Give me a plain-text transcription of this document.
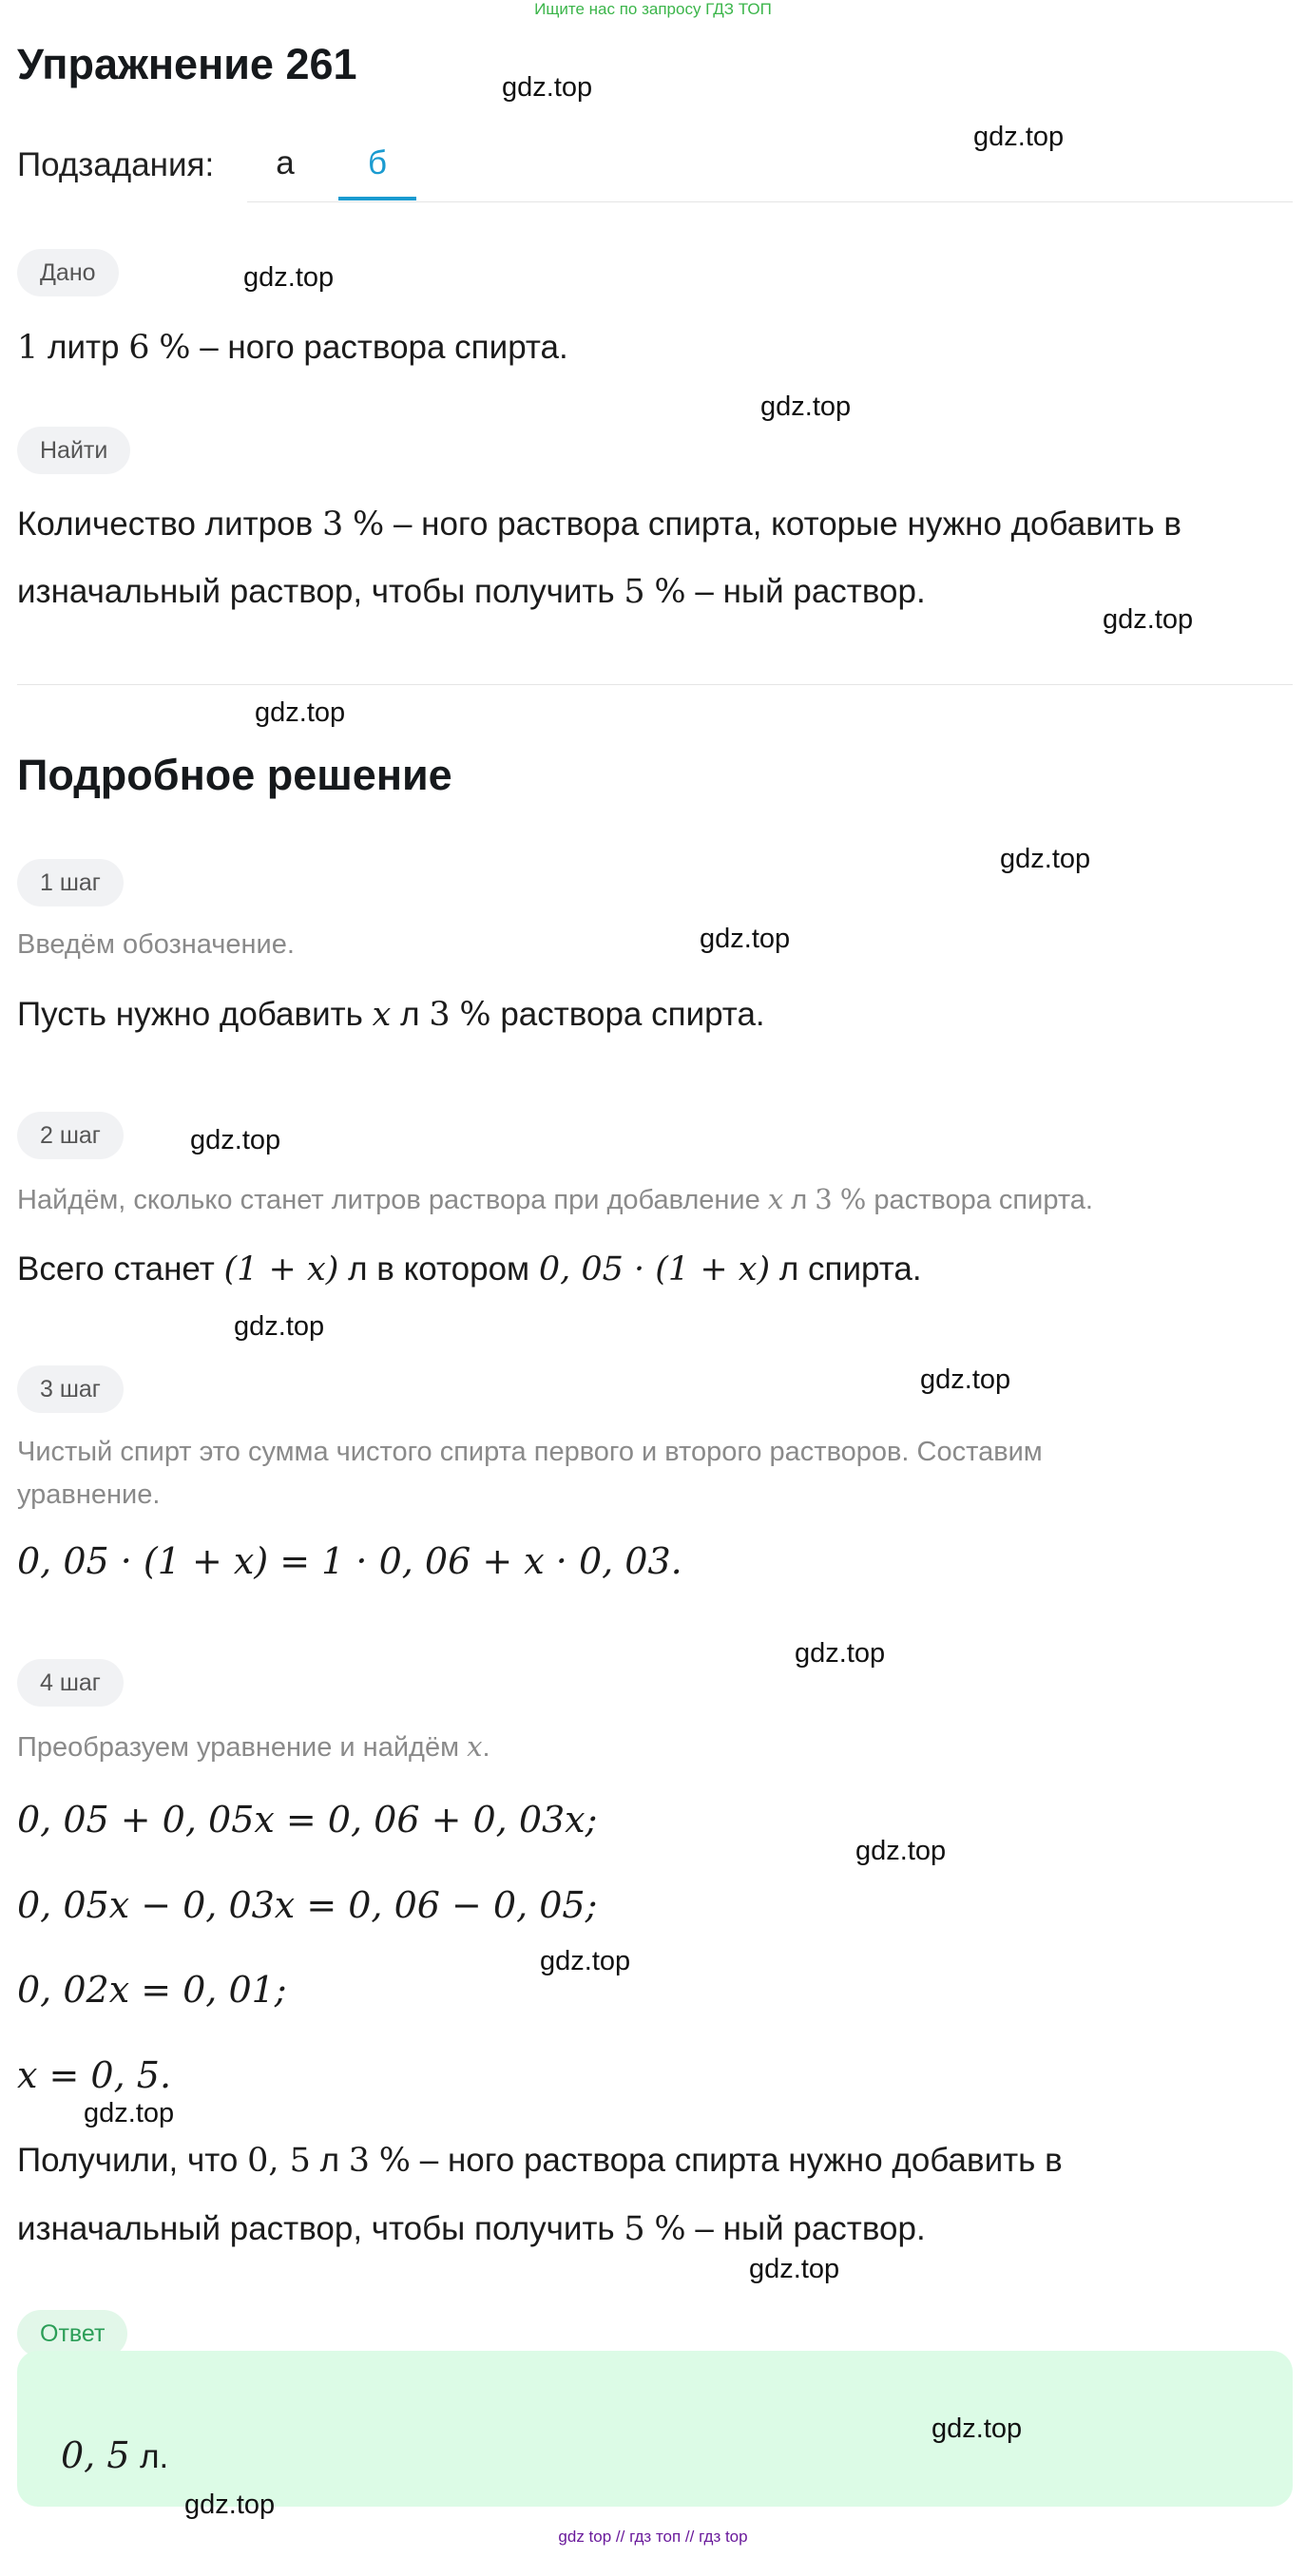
Ищите нас по запросу ГДЗ ТОП
Упражнение 261
Подзадания: а	б
Дано
1 литр 6 % – ного раствора спирта.
Найти
Количество литров 3 % – ного раствора спирта, которые нужно добавить в
изначальный раствор, чтобы получить 5 % – ный раствор.
Подробное решение
1 шаг
Введём обозначение.
Пусть нужно добавить x л 3 % раствора спирта.
2 шаг
Найдём, сколько станет литров раствора при добавление x л 3 % раствора спирта.
Всего станет (1 + x) л в котором 0, 05 · (1 + x) л спирта.
3 шаг
Чистый спирт это сумма чистого спирта первого и второго растворов. Составим
уравнение.
0, 05 · (1 + x) = 1 · 0, 06 + x · 0, 03.
4 шаг
Преобразуем уравнение и найдём x.
0, 05 + 0, 05x = 0, 06 + 0, 03x;
0, 05x − 0, 03x = 0, 06 − 0, 05;
0, 02x = 0, 01;
x = 0, 5.
Получили, что 0, 5 л 3 % – ного раствора спирта нужно добавить в
изначальный раствор, чтобы получить 5 % – ный раствор.
Ответ
0, 5 л.
gdz.top
gdz.top
gdz.top
gdz.top
gdz.top
gdz.top
gdz.top
gdz.top
gdz.top
gdz.top
gdz.top
gdz.top
gdz.top
gdz.top
gdz.top
gdz.top
gdz.top
gdz.top
gdz top // гдз топ // гдз top
